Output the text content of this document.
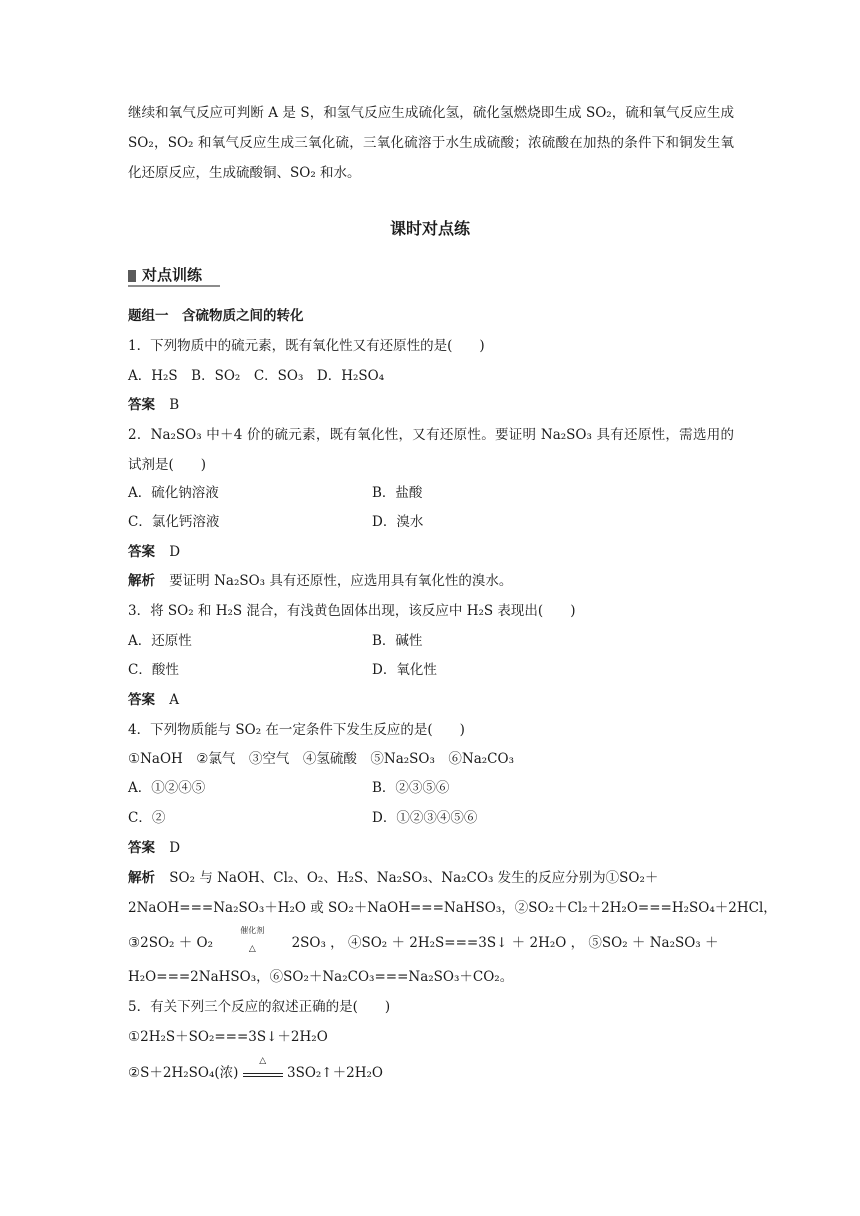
继续和氧气反应可判断 A 是 S，和氢气反应生成硫化氢，硫化氢燃烧即生成 SO₂，硫和氧气反应生成 SO₂，SO₂ 和氧气反应生成三氧化硫，三氧化硫溶于水生成硫酸；浓硫酸在加热的条件下和铜发生氧化还原反应，生成硫酸铜、SO₂ 和水。
课时对点练
对点训练
题组一　含硫物质之间的转化
1．下列物质中的硫元素，既有氧化性又有还原性的是(　　)
A．H₂S　B．SO₂　C．SO₃　D．H₂SO₄
答案 B
2．Na₂SO₃ 中＋4 价的硫元素，既有氧化性，又有还原性。要证明 Na₂SO₃ 具有还原性，需选用的试剂是(　　)
A．硫化钠溶液	B．盐酸
C．氯化钙溶液	D．溴水
答案 D
解析 要证明 Na₂SO₃ 具有还原性，应选用具有氧化性的溴水。
3．将 SO₂ 和 H₂S 混合，有浅黄色固体出现，该反应中 H₂S 表现出(　　)
A．还原性	B．碱性
C．酸性	D．氧化性
答案 A
4．下列物质能与 SO₂ 在一定条件下发生反应的是(　　)
①NaOH　②氯气　③空气　④氢硫酸　⑤Na₂SO₃　⑥Na₂CO₃
A．①②④⑤	B．②③⑤⑥
C．②	D．①②③④⑤⑥
答案 D
解析 SO₂ 与 NaOH、Cl₂、O₂、H₂S、Na₂SO₃、Na₂CO₃ 发生的反应分别为①SO₂＋
2NaOH===Na₂SO₃＋H₂O 或 SO₂＋NaOH===NaHSO₃，②SO₂＋Cl₂＋2H₂O===H₂SO₄＋2HCl，
③2SO₂ ＋ O₂
催化剂
△	2SO₃ ， ④SO₂ ＋ 2H₂S===3S↓ ＋ 2H₂O ， ⑤SO₂ ＋ Na₂SO₃ ＋
H₂O===2NaHSO₃，⑥SO₂＋Na₂CO₃===Na₂SO₃＋CO₂。
5．有关下列三个反应的叙述正确的是(　　)
①2H₂S＋SO₂===3S↓＋2H₂O
②S＋2H₂SO₄(浓)
△
3SO₂↑＋2H₂O
